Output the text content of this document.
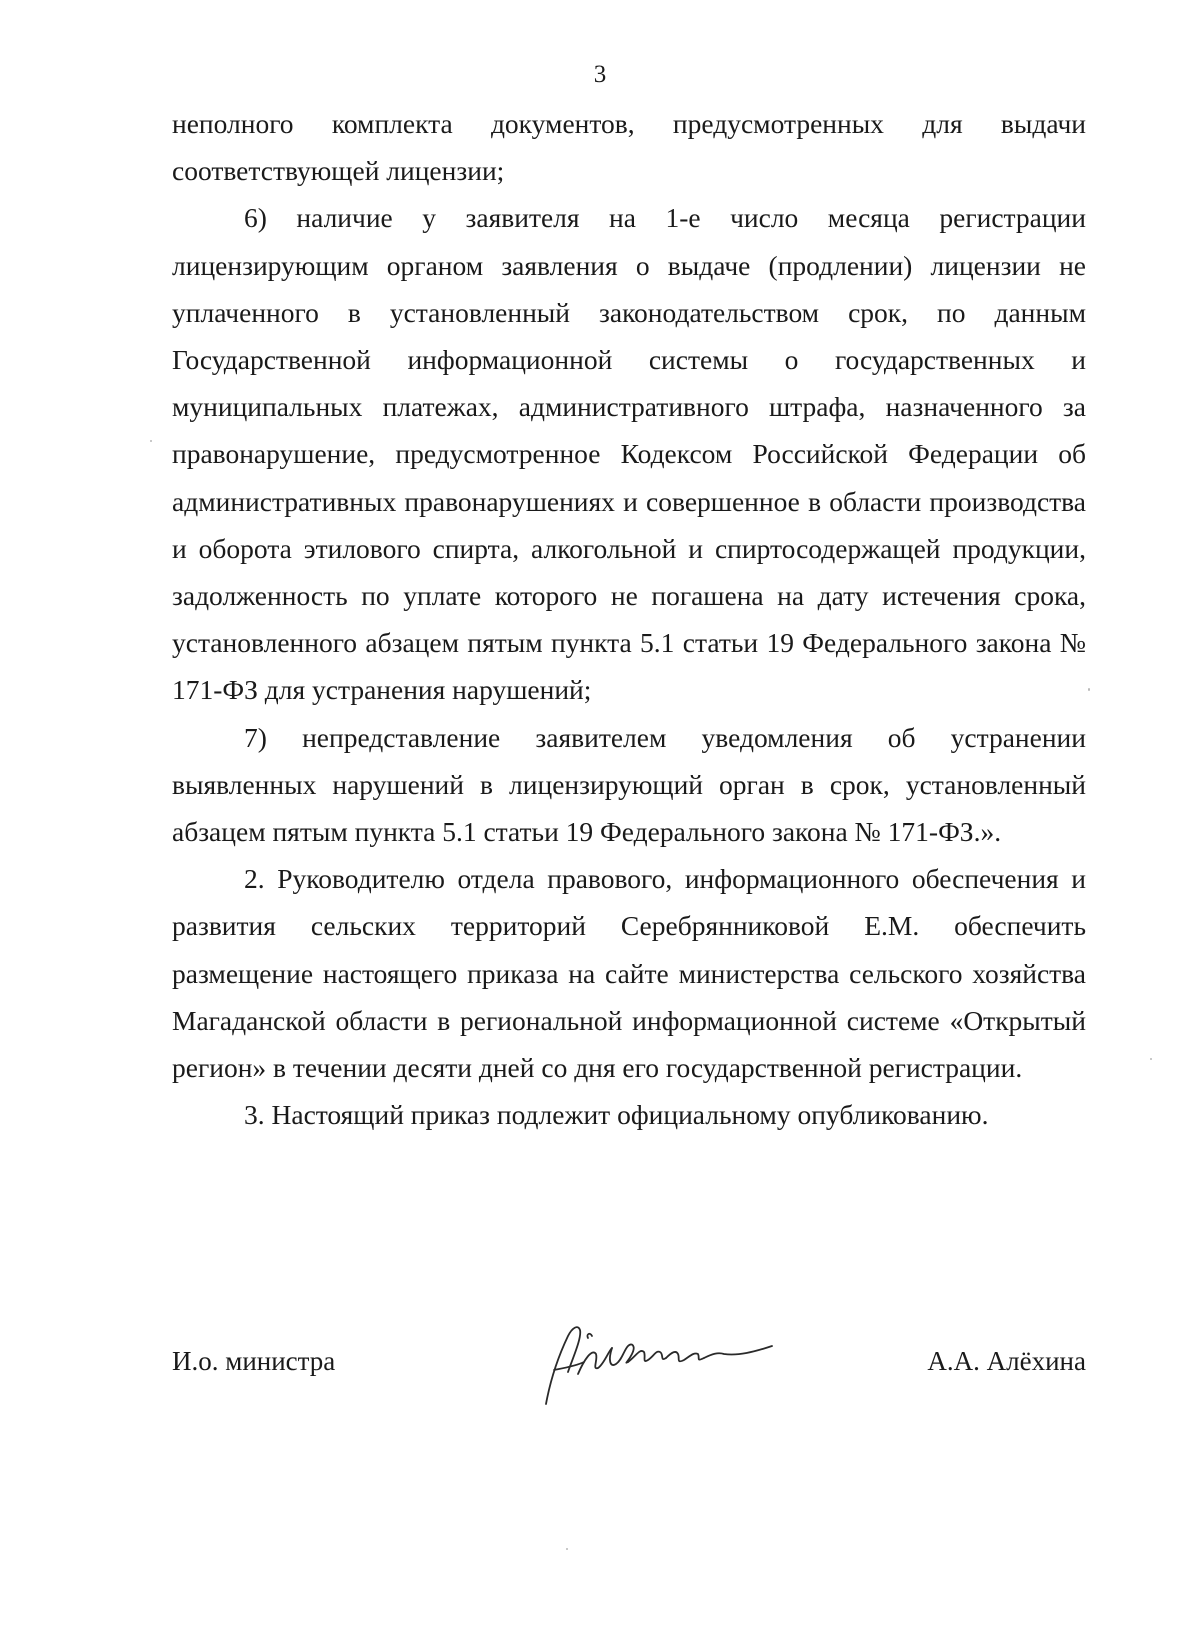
3

неполного комплекта документов, предусмотренных для выдачи соответствующей лицензии;

6) наличие у заявителя на 1-е число месяца регистрации лицензирующим органом заявления о выдаче (продлении) лицензии не уплаченного в установленный законодательством срок, по данным Государственной информационной системы о государственных и муниципальных платежах, административного штрафа, назначенного за правонарушение, предусмотренное Кодексом Российской Федерации об административных правонарушениях и совершенное в области производства и оборота этилового спирта, алкогольной и спиртосодержащей продукции, задолженность по уплате которого не погашена на дату истечения срока, установленного абзацем пятым пункта 5.1 статьи 19 Федерального закона № 171-ФЗ для устранения нарушений;

7) непредставление заявителем уведомления об устранении выявленных нарушений в лицензирующий орган в срок, установленный абзацем пятым пункта 5.1 статьи 19 Федерального закона № 171-ФЗ.».

2. Руководителю отдела правового, информационного обеспечения и развития сельских территорий Серебрянниковой Е.М. обеспечить размещение настоящего приказа на сайте министерства сельского хозяйства Магаданской области в региональной информационной системе «Открытый регион» в течении десяти дней со дня его государственной регистрации.

3. Настоящий приказ подлежит официальному опубликованию.

И.о. министра	А.А. Алёхина
